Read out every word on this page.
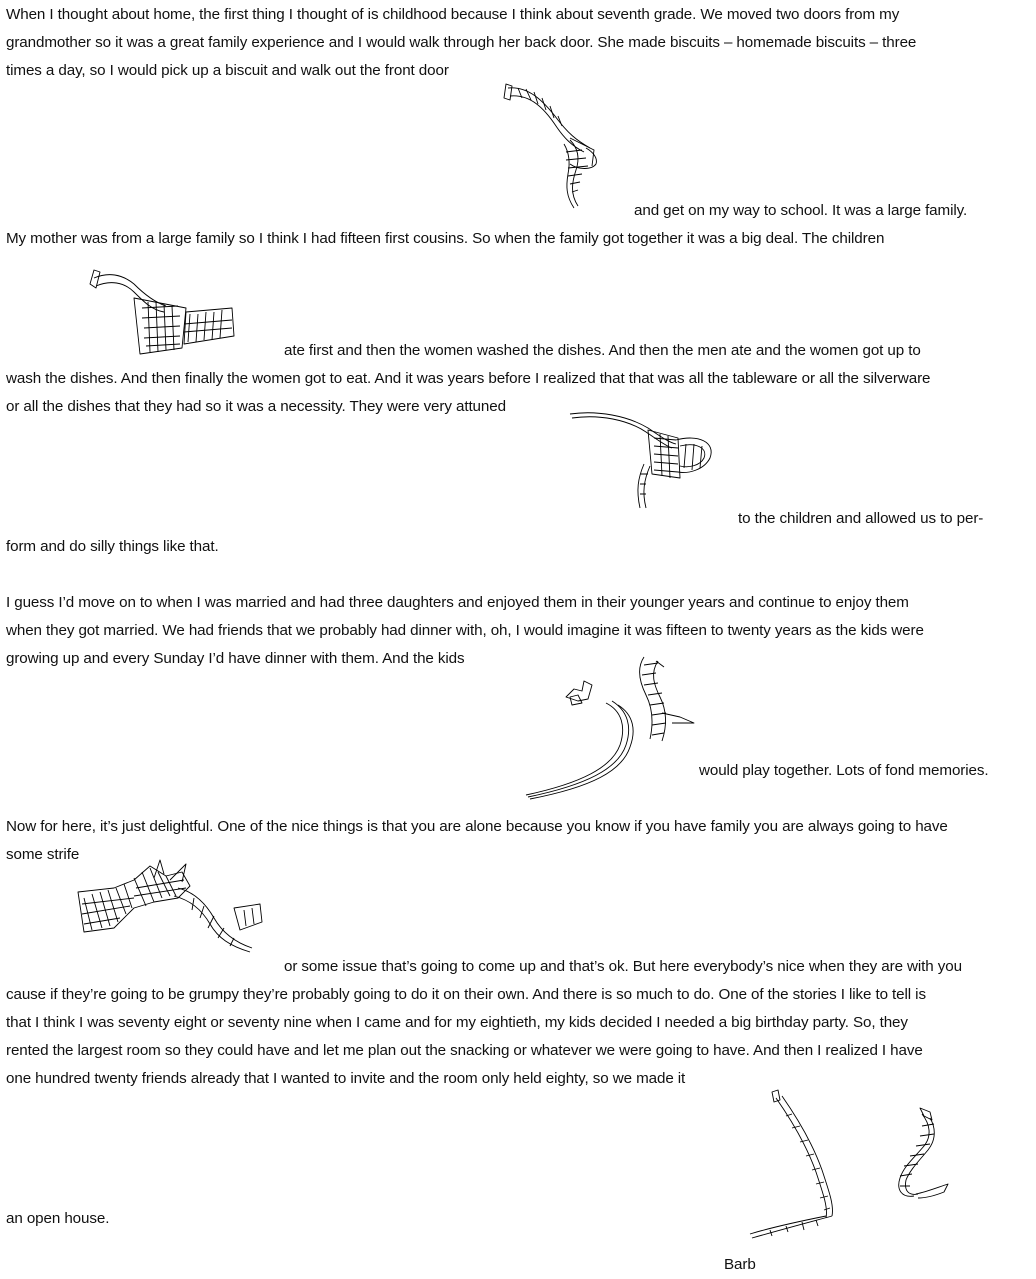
When I thought about home, the first thing I thought of is childhood because I think about seventh grade. We moved two doors from my
grandmother so it was a great family experience and I would walk through her back door. She made biscuits – homemade biscuits – three
times a day, so I would pick up a biscuit and walk out the front door
and get on my way to school. It was a large family.
My mother was from a large family so I think I had fifteen first cousins. So when the family got together it was a big deal. The children
ate first and then the women washed the dishes. And then the men ate and the women got up to
wash the dishes. And then finally the women got to eat. And it was years before I realized that that was all the tableware or all the silverware
or all the dishes that they had so it was a necessity. They were very attuned
to the children and allowed us to per-
form and do silly things like that.
I guess I’d move on to when I was married and had three daughters and enjoyed them in their younger years and continue to enjoy them
when they got married. We had friends that we probably had dinner with, oh, I would imagine it was fifteen to twenty years as the kids were
growing up and every Sunday I’d have dinner with them. And the kids
would play together. Lots of fond memories.
Now for here, it’s just delightful. One of the nice things is that you are alone because you know if you have family you are always going to have
some strife
or some issue that’s going to come up and that’s ok. But here everybody’s nice when they are with you
cause if they’re going to be grumpy they’re probably going to do it on their own. And there is so much to do. One of the stories I like to tell is
that I think I was seventy eight or seventy nine when I came and for my eightieth, my kids decided I needed a big birthday party. So, they
rented the largest room so they could have and let me plan out the snacking or whatever we were going to have. And then I realized I have
one hundred twenty friends already that I wanted to invite and the room only held eighty, so we made it
an open house.
Barb
